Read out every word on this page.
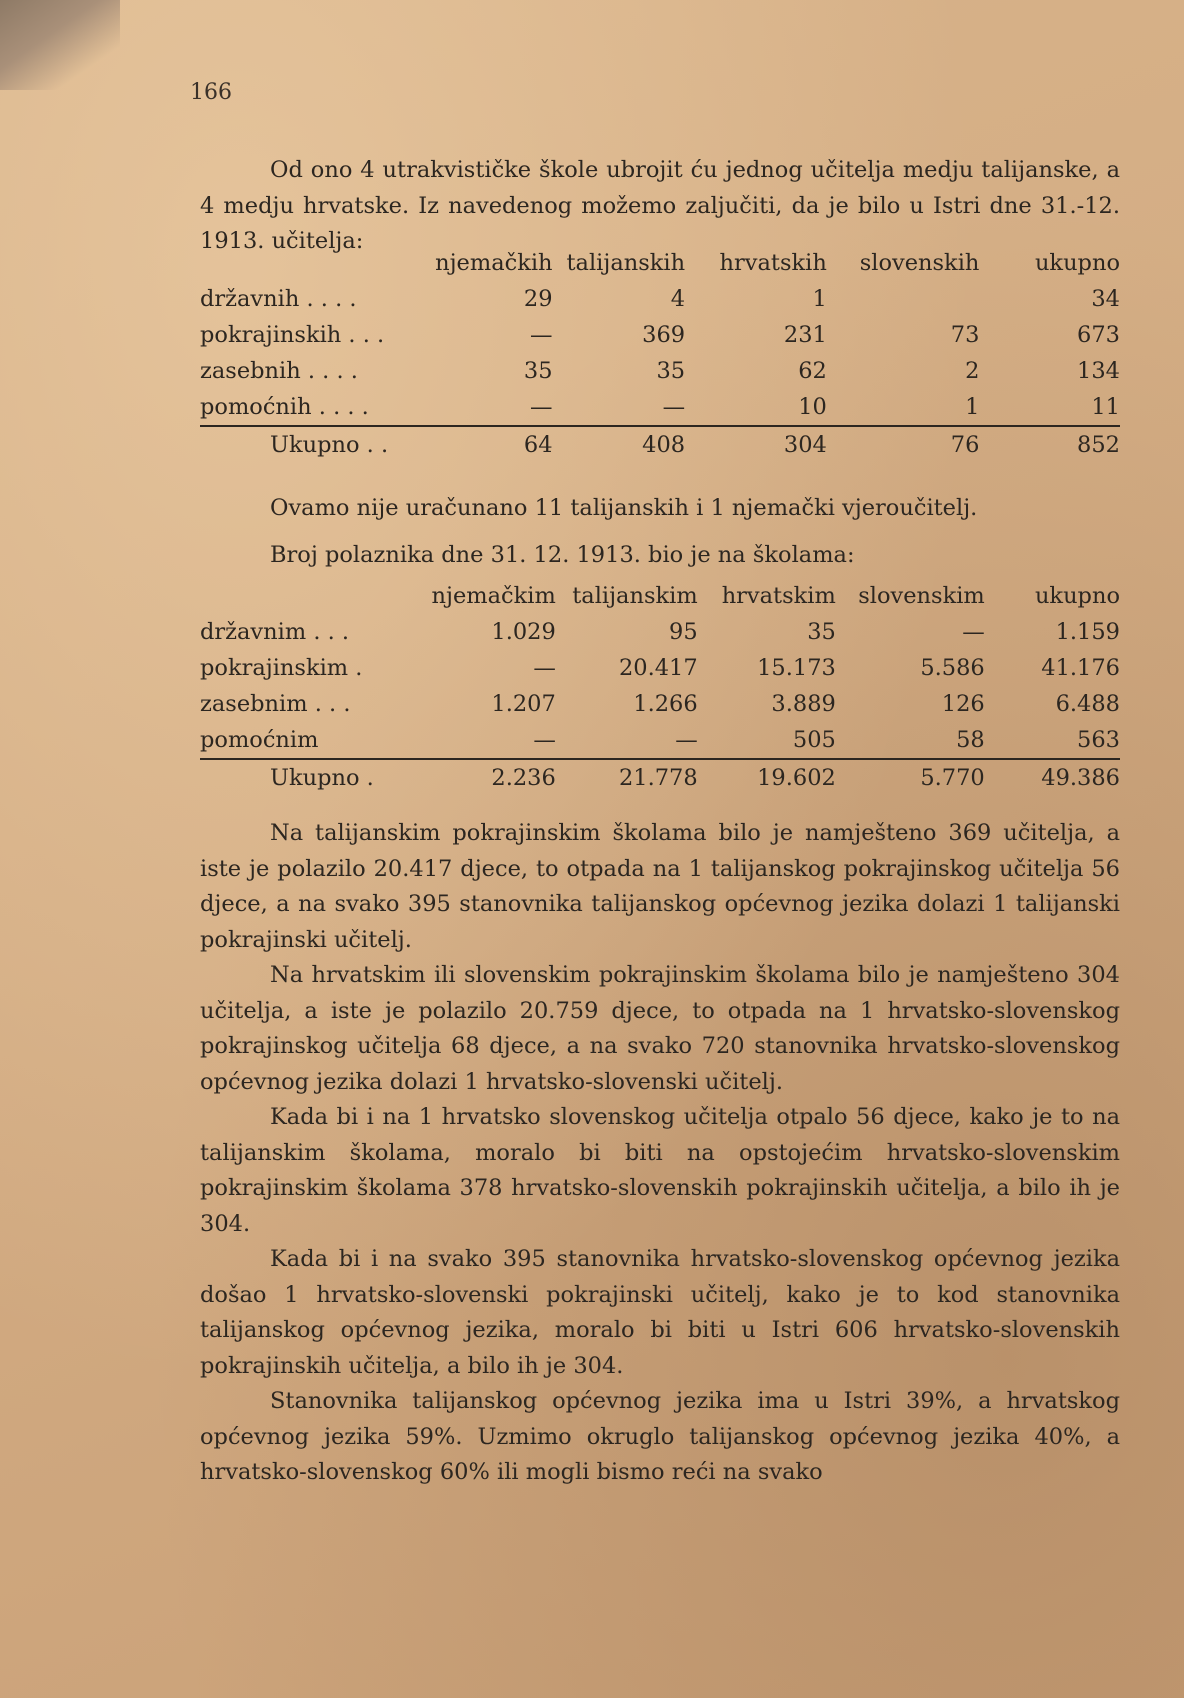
166

Od ono 4 utrakvističke škole ubrojit ću jednog učitelja medju talijanske, a 4 medju hrvatske. Iz navedenog možemo zaljučiti, da je bilo u Istri dne 31.-12. 1913. učitelja:

	njemačkih	talijanskih	hrvatskih	slovenskih	ukupno
državnih . . . .	29	4	1		34
pokrajinskih . . .	—	369	231	73	673
zasebnih . . . .	35	35	62	2	134
pomoćnih . . . .	—	—	10	1	11
Ukupno . .	64	408	304	76	852

Ovamo nije uračunano 11 talijanskih i 1 njemački vjeroučitelj.

Broj polaznika dne 31. 12. 1913. bio je na školama:

	njemačkim	talijanskim	hrvatskim	slovenskim	ukupno
državnim . . .	1.029	95	35	—	1.159
pokrajinskim .	—	20.417	15.173	5.586	41.176
zasebnim . . .	1.207	1.266	3.889	126	6.488
pomoćnim	—	—	505	58	563
Ukupno .	2.236	21.778	19.602	5.770	49.386

Na talijanskim pokrajinskim školama bilo je namješteno 369 učitelja, a iste je polazilo 20.417 djece, to otpada na 1 talijanskog pokrajinskog učitelja 56 djece, a na svako 395 stanovnika talijanskog općevnog jezika dolazi 1 talijanski pokrajinski učitelj.

Na hrvatskim ili slovenskim pokrajinskim školama bilo je namješteno 304 učitelja, a iste je polazilo 20.759 djece, to otpada na 1 hrvatsko-slovenskog pokrajinskog učitelja 68 djece, a na svako 720 stanovnika hrvatsko-slovenskog općevnog jezika dolazi 1 hrvatsko-slovenski učitelj.

Kada bi i na 1 hrvatsko slovenskog učitelja otpalo 56 djece, kako je to na talijanskim školama, moralo bi biti na opstojećim hrvatsko-slovenskim pokrajinskim školama 378 hrvatsko-slovenskih pokrajinskih učitelja, a bilo ih je 304.

Kada bi i na svako 395 stanovnika hrvatsko-slovenskog općevnog jezika došao 1 hrvatsko-slovenski pokrajinski učitelj, kako je to kod stanovnika talijanskog općevnog jezika, moralo bi biti u Istri 606 hrvatsko-slovenskih pokrajinskih učitelja, a bilo ih je 304.

Stanovnika talijanskog općevnog jezika ima u Istri 39%, a hrvatskog općevnog jezika 59%. Uzmimo okruglo talijanskog općevnog jezika 40%, a hrvatsko-slovenskog 60% ili mogli bismo reći na svako
